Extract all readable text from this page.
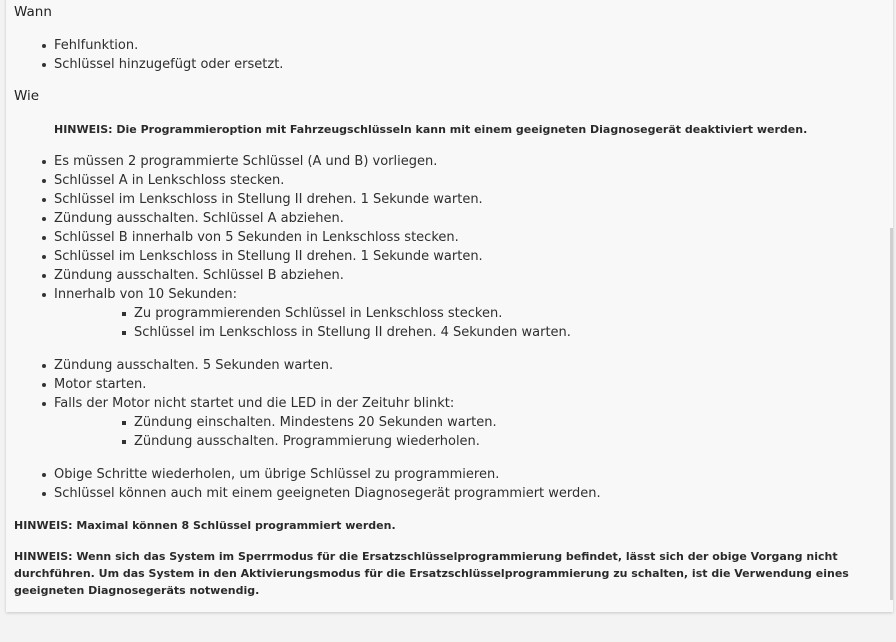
Wann
Fehlfunktion.
Schlüssel hinzugefügt oder ersetzt.
Wie
HINWEIS: Die Programmieroption mit Fahrzeugschlüsseln kann mit einem geeigneten Diagnosegerät deaktiviert werden.
Es müssen 2 programmierte Schlüssel (A und B) vorliegen.
Schlüssel A in Lenkschloss stecken.
Schlüssel im Lenkschloss in Stellung II drehen. 1 Sekunde warten.
Zündung ausschalten. Schlüssel A abziehen.
Schlüssel B innerhalb von 5 Sekunden in Lenkschloss stecken.
Schlüssel im Lenkschloss in Stellung II drehen. 1 Sekunde warten.
Zündung ausschalten. Schlüssel B abziehen.
Innerhalb von 10 Sekunden:
Zu programmierenden Schlüssel in Lenkschloss stecken.
Schlüssel im Lenkschloss in Stellung II drehen. 4 Sekunden warten.
Zündung ausschalten. 5 Sekunden warten.
Motor starten.
Falls der Motor nicht startet und die LED in der Zeituhr blinkt:
Zündung einschalten. Mindestens 20 Sekunden warten.
Zündung ausschalten. Programmierung wiederholen.
Obige Schritte wiederholen, um übrige Schlüssel zu programmieren.
Schlüssel können auch mit einem geeigneten Diagnosegerät programmiert werden.
HINWEIS: Maximal können 8 Schlüssel programmiert werden.
HINWEIS: Wenn sich das System im Sperrmodus für die Ersatzschlüsselprogrammierung befindet, lässt sich der obige Vorgang nicht durchführen. Um das System in den Aktivierungsmodus für die Ersatzschlüsselprogrammierung zu schalten, ist die Verwendung eines geeigneten Diagnosegeräts notwendig.
